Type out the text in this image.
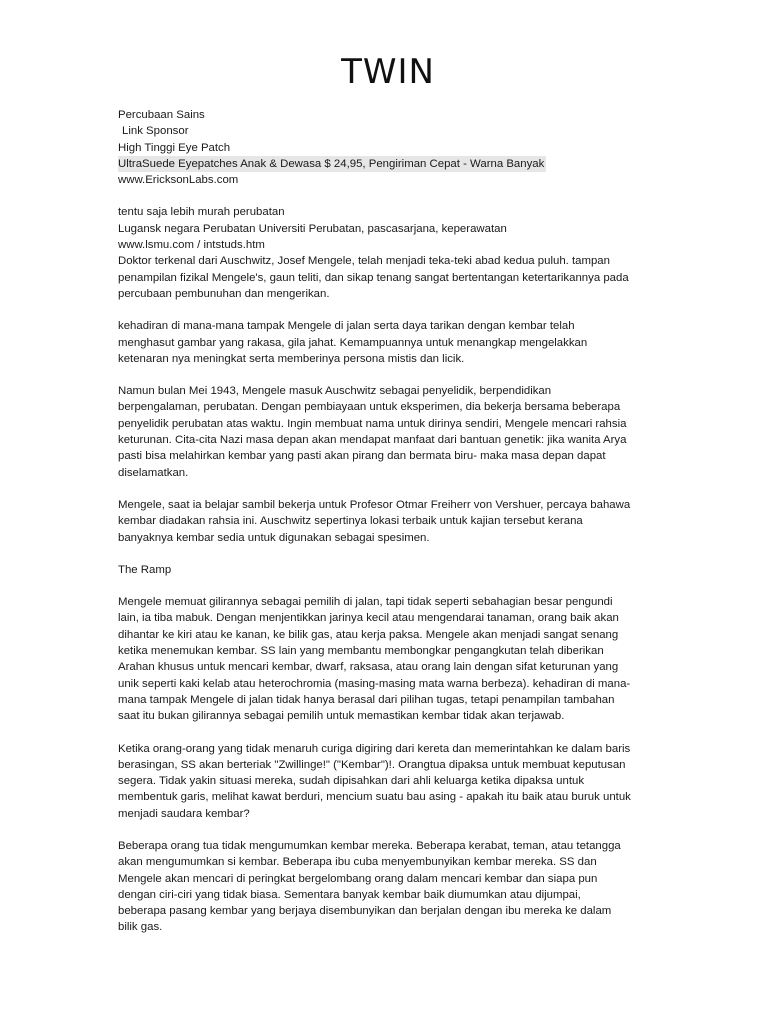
TWIN
Percubaan Sains
Link Sponsor
High Tinggi Eye Patch
UltraSuede Eyepatches Anak & Dewasa $ 24,95, Pengiriman Cepat - Warna Banyak
www.EricksonLabs.com
tentu saja lebih murah perubatan
Lugansk negara Perubatan Universiti Perubatan, pascasarjana, keperawatan
www.lsmu.com / intstuds.htm
Doktor terkenal dari Auschwitz, Josef Mengele, telah menjadi teka-teki abad kedua puluh. tampan
penampilan fizikal Mengele's, gaun teliti, dan sikap tenang sangat bertentangan ketertarikannya pada
percubaan pembunuhan dan mengerikan.
kehadiran di mana-mana tampak Mengele di jalan serta daya tarikan dengan kembar telah
menghasut gambar yang rakasa, gila jahat. Kemampuannya untuk menangkap mengelakkan
ketenaran nya meningkat serta memberinya persona mistis dan licik.
Namun bulan Mei 1943, Mengele masuk Auschwitz sebagai penyelidik, berpendidikan
berpengalaman, perubatan. Dengan pembiayaan untuk eksperimen, dia bekerja bersama beberapa
penyelidik perubatan atas waktu. Ingin membuat nama untuk dirinya sendiri, Mengele mencari rahsia
keturunan. Cita-cita Nazi masa depan akan mendapat manfaat dari bantuan genetik: jika wanita Arya
pasti bisa melahirkan kembar yang pasti akan pirang dan bermata biru- maka masa depan dapat
diselamatkan.
Mengele, saat ia belajar sambil bekerja untuk Profesor Otmar Freiherr von Vershuer, percaya bahawa
kembar diadakan rahsia ini. Auschwitz sepertinya lokasi terbaik untuk kajian tersebut kerana
banyaknya kembar sedia untuk digunakan sebagai spesimen.
The Ramp
Mengele memuat gilirannya sebagai pemilih di jalan, tapi tidak seperti sebahagian besar pengundi
lain, ia tiba mabuk. Dengan menjentikkan jarinya kecil atau mengendarai tanaman, orang baik akan
dihantar ke kiri atau ke kanan, ke bilik gas, atau kerja paksa. Mengele akan menjadi sangat senang
ketika menemukan kembar. SS lain yang membantu membongkar pengangkutan telah diberikan
Arahan khusus untuk mencari kembar, dwarf, raksasa, atau orang lain dengan sifat keturunan yang
unik seperti kaki kelab atau heterochromia (masing-masing mata warna berbeza). kehadiran di mana-
mana tampak Mengele di jalan tidak hanya berasal dari pilihan tugas, tetapi penampilan tambahan
saat itu bukan gilirannya sebagai pemilih untuk memastikan kembar tidak akan terjawab.
Ketika orang-orang yang tidak menaruh curiga digiring dari kereta dan memerintahkan ke dalam baris
berasingan, SS akan berteriak "Zwillinge!" ("Kembar")!. Orangtua dipaksa untuk membuat keputusan
segera. Tidak yakin situasi mereka, sudah dipisahkan dari ahli keluarga ketika dipaksa untuk
membentuk garis, melihat kawat berduri, mencium suatu bau asing - apakah itu baik atau buruk untuk
menjadi saudara kembar?
Beberapa orang tua tidak mengumumkan kembar mereka. Beberapa kerabat, teman, atau tetangga
akan mengumumkan si kembar. Beberapa ibu cuba menyembunyikan kembar mereka. SS dan
Mengele akan mencari di peringkat bergelombang orang dalam mencari kembar dan siapa pun
dengan ciri-ciri yang tidak biasa. Sementara banyak kembar baik diumumkan atau dijumpai,
beberapa pasang kembar yang berjaya disembunyikan dan berjalan dengan ibu mereka ke dalam
bilik gas.
